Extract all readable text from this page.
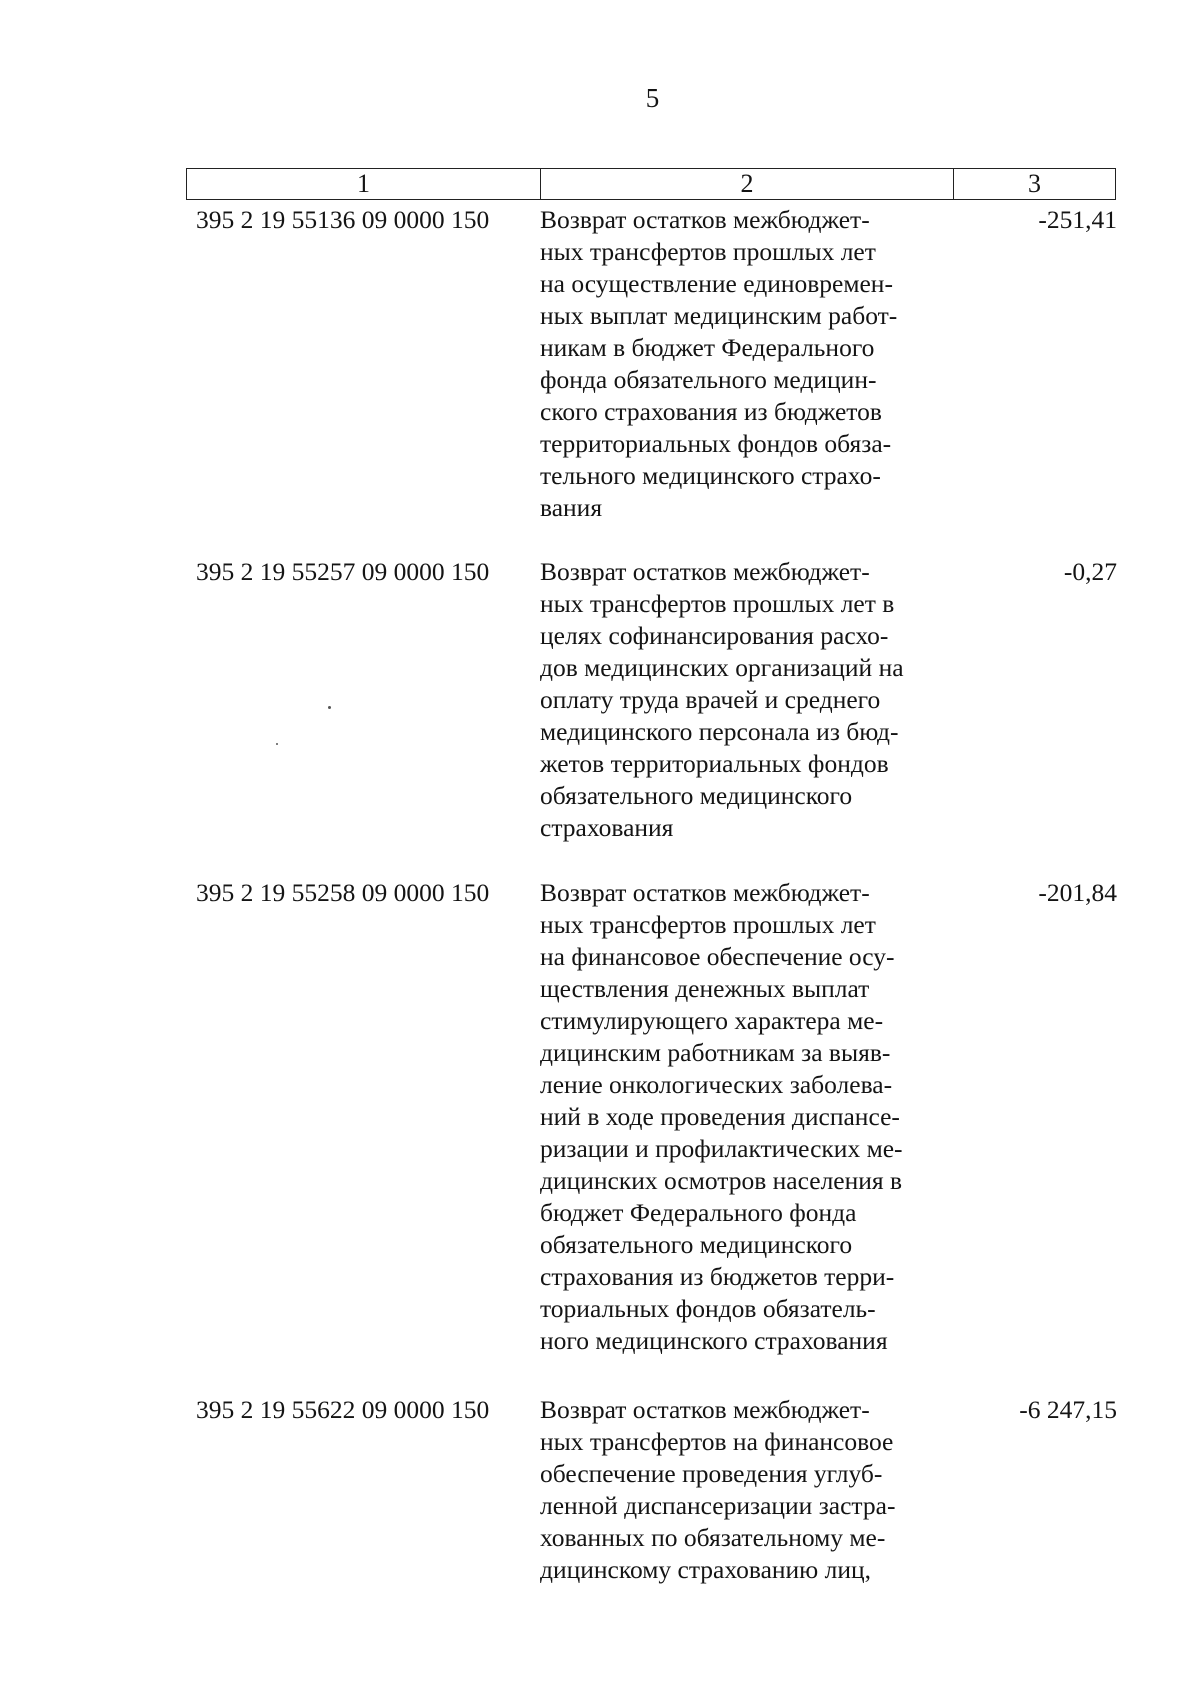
5
1	2	3
395 2 19 55136 09 0000 150	Возврат остатков межбюджет-
ных трансфертов прошлых лет
на осуществление единовремен-
ных выплат медицинским работ-
никам в бюджет Федерального
фонда обязательного медицин-
ского страхования из бюджетов
территориальных фондов обяза-
тельного медицинского страхо-
вания
-251,41
395 2 19 55257 09 0000 150	Возврат остатков межбюджет-
ных трансфертов прошлых лет в
целях софинансирования расхо-
дов медицинских организаций на
оплату труда врачей и среднего
медицинского персонала из бюд-
жетов территориальных фондов
обязательного медицинского
страхования
-0,27
395 2 19 55258 09 0000 150	Возврат остатков межбюджет-
ных трансфертов прошлых лет
на финансовое обеспечение осу-
ществления денежных выплат
стимулирующего характера ме-
дицинским работникам за выяв-
ление онкологических заболева-
ний в ходе проведения диспансе-
ризации и профилактических ме-
дицинских осмотров населения в
бюджет Федерального фонда
обязательного медицинского
страхования из бюджетов терри-
ториальных фондов обязатель-
ного медицинского страхования
-201,84
395 2 19 55622 09 0000 150	Возврат остатков межбюджет-
ных трансфертов на финансовое
обеспечение проведения углуб-
ленной диспансеризации застра-
хованных по обязательному ме-
дицинскому страхованию лиц,
-6 247,15
